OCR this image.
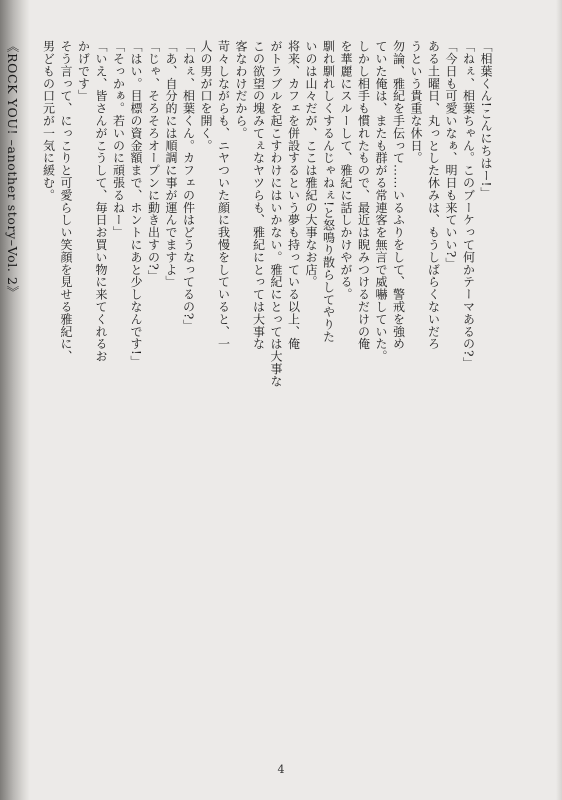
「相葉くん!こんにちはー!」
「ねぇ、相葉ちゃん。このブーケって何かテーマあるの?」
「今日も可愛いなぁ、明日も来ていい?」
ある土曜日、丸っとした休みは、もうしばらくないだろ
うという貴重な休日。
勿論、雅紀を手伝って……いるふりをして、警戒を強め
ていた俺は、またも群がる常連客を無言で威嚇していた。
しかし相手も慣れたもので、最近は睨みつけるだけの俺
を華麗にスルーして、雅紀に話しかけやがる。
馴れ馴れしくするんじゃねぇ!と怒鳴り散らしてやりた
いのは山々だが、ここは雅紀の大事なお店。
将来、カフェを併設するという夢も持っている以上、俺
がトラブルを起こすわけにはいかない。雅紀にとっては大事な
この欲望の塊みてぇなヤツらも、雅紀にとっては大事な
客なわけだから。
苛々しながらも、ニヤついた顔に我慢をしていると、一
人の男が口を開く。
「ねぇ、相葉くん。カフェの件はどうなってるの?」
「あ、自分的には順調に事が運んでますよ」
「じゃ、そろそろオープンに動き出すの?」
「はい。目標の資金額まで、ホントにあと少しなんです!」
「そっかぁ。若いのに頑張るねー」
「いえ、皆さんがこうして、毎日お買い物に来てくれるお
かげです」
そう言って、にっこりと可愛らしい笑顔を見せる雅紀に、
男どもの口元が一気に緩む。
《ROCK YOU! –another story–Vol. 2》
4
